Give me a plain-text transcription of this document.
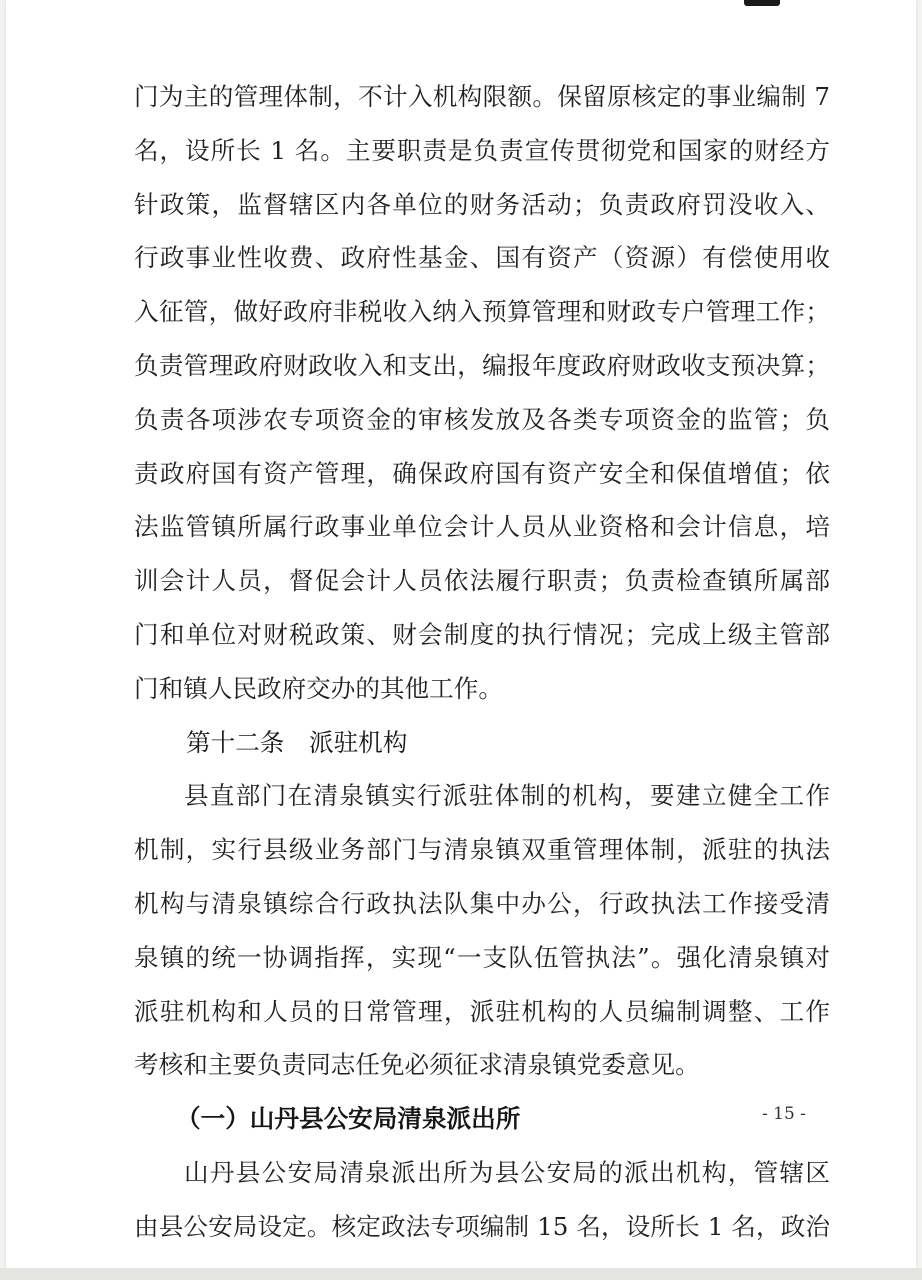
门为主的管理体制，不计入机构限额。保留原核定的事业编制 7
名，设所长 1 名。主要职责是负责宣传贯彻党和国家的财经方
针政策，监督辖区内各单位的财务活动；负责政府罚没收入、
行政事业性收费、政府性基金、国有资产（资源）有偿使用收
入征管，做好政府非税收入纳入预算管理和财政专户管理工作；
负责管理政府财政收入和支出，编报年度政府财政收支预决算；
负责各项涉农专项资金的审核发放及各类专项资金的监管；负
责政府国有资产管理，确保政府国有资产安全和保值增值；依
法监管镇所属行政事业单位会计人员从业资格和会计信息，培
训会计人员，督促会计人员依法履行职责；负责检查镇所属部
门和单位对财税政策、财会制度的执行情况；完成上级主管部
门和镇人民政府交办的其他工作。
第十二条　派驻机构
县直部门在清泉镇实行派驻体制的机构，要建立健全工作
机制，实行县级业务部门与清泉镇双重管理体制，派驻的执法
机构与清泉镇综合行政执法队集中办公，行政执法工作接受清
泉镇的统一协调指挥，实现“一支队伍管执法”。强化清泉镇对
派驻机构和人员的日常管理，派驻机构的人员编制调整、工作
考核和主要负责同志任免必须征求清泉镇党委意见。
（一）山丹县公安局清泉派出所
山丹县公安局清泉派出所为县公安局的派出机构，管辖区
由县公安局设定。核定政法专项编制 15 名，设所长 1 名，政治
- 15 -
